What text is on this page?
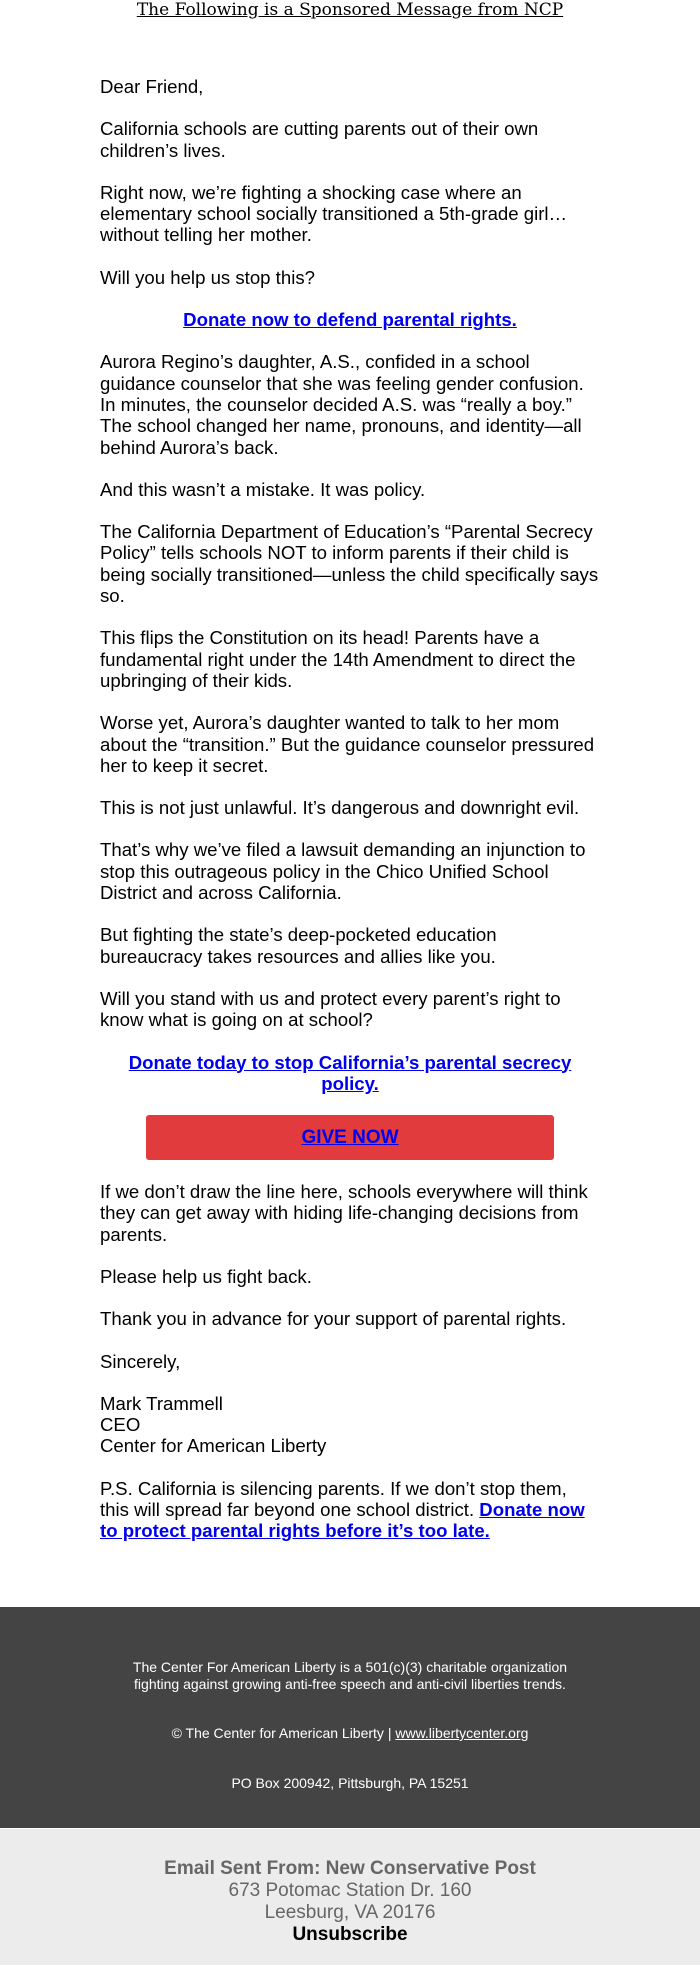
The Following is a Sponsored Message from NCP

Dear Friend,

California schools are cutting parents out of their own children’s lives.

Right now, we’re fighting a shocking case where an elementary school socially transitioned a 5th-grade girl… without telling her mother.

Will you help us stop this?

Donate now to defend parental rights.

Aurora Regino’s daughter, A.S., confided in a school guidance counselor that she was feeling gender confusion. In minutes, the counselor decided A.S. was “really a boy.” The school changed her name, pronouns, and identity—all behind Aurora’s back.

And this wasn’t a mistake. It was policy.

The California Department of Education’s “Parental Secrecy Policy” tells schools NOT to inform parents if their child is being socially transitioned—unless the child specifically says so.

This flips the Constitution on its head! Parents have a fundamental right under the 14th Amendment to direct the upbringing of their kids.

Worse yet, Aurora’s daughter wanted to talk to her mom about the “transition.” But the guidance counselor pressured her to keep it secret.

This is not just unlawful. It’s dangerous and downright evil.

That’s why we’ve filed a lawsuit demanding an injunction to stop this outrageous policy in the Chico Unified School District and across California.

But fighting the state’s deep-pocketed education bureaucracy takes resources and allies like you.

Will you stand with us and protect every parent’s right to know what is going on at school?

Donate today to stop California’s parental secrecy policy.

GIVE NOW

If we don’t draw the line here, schools everywhere will think they can get away with hiding life-changing decisions from parents.

Please help us fight back.

Thank you in advance for your support of parental rights.

Sincerely,

Mark Trammell
CEO
Center for American Liberty

P.S. California is silencing parents. If we don’t stop them, this will spread far beyond one school district. Donate now to protect parental rights before it’s too late.

The Center For American Liberty is a 501(c)(3) charitable organization fighting against growing anti-free speech and anti-civil liberties trends.
© The Center for American Liberty | www.libertycenter.org
PO Box 200942, Pittsburgh, PA 15251
Email Sent From: New Conservative Post
673 Potomac Station Dr. 160
Leesburg, VA 20176
Unsubscribe
